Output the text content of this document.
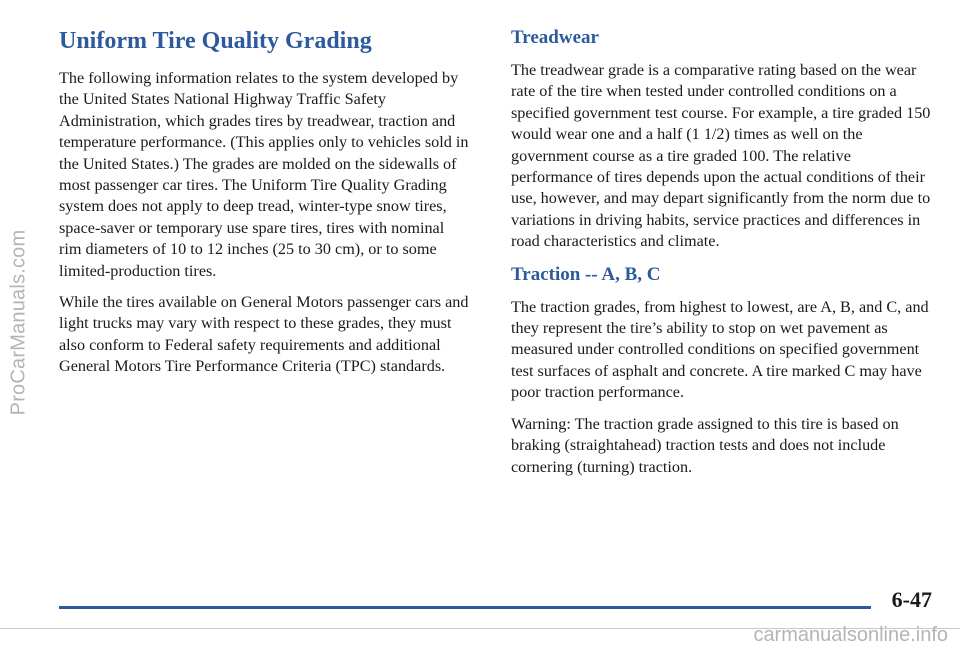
ProCarManuals.com
Uniform Tire Quality Grading

The following information relates to the system developed by the United States National Highway Traffic Safety Administration, which grades tires by treadwear, traction and temperature performance. (This applies only to vehicles sold in the United States.) The grades are molded on the sidewalls of most passenger car tires. The Uniform Tire Quality Grading system does not apply to deep tread, winter-type snow tires, space-saver or temporary use spare tires, tires with nominal rim diameters of 10 to 12 inches (25 to 30 cm), or to some limited-production tires.

While the tires available on General Motors passenger cars and light trucks may vary with respect to these grades, they must also conform to Federal safety requirements and additional General Motors Tire Performance Criteria (TPC) standards.

Treadwear

The treadwear grade is a comparative rating based on the wear rate of the tire when tested under controlled conditions on a specified government test course. For example, a tire graded 150 would wear one and a half (1 1/2) times as well on the government course as a tire graded 100. The relative performance of tires depends upon the actual conditions of their use, however, and may depart significantly from the norm due to variations in driving habits, service practices and differences in road characteristics and climate.

Traction -- A, B, C

The traction grades, from highest to lowest, are A, B, and C, and they represent the tire’s ability to stop on wet pavement as measured under controlled conditions on specified government test surfaces of asphalt and concrete. A tire marked C may have poor traction performance.

Warning: The traction grade assigned to this tire is based on braking (straightahead) traction tests and does not include cornering (turning) traction.

6-47
carmanualsonline.info
